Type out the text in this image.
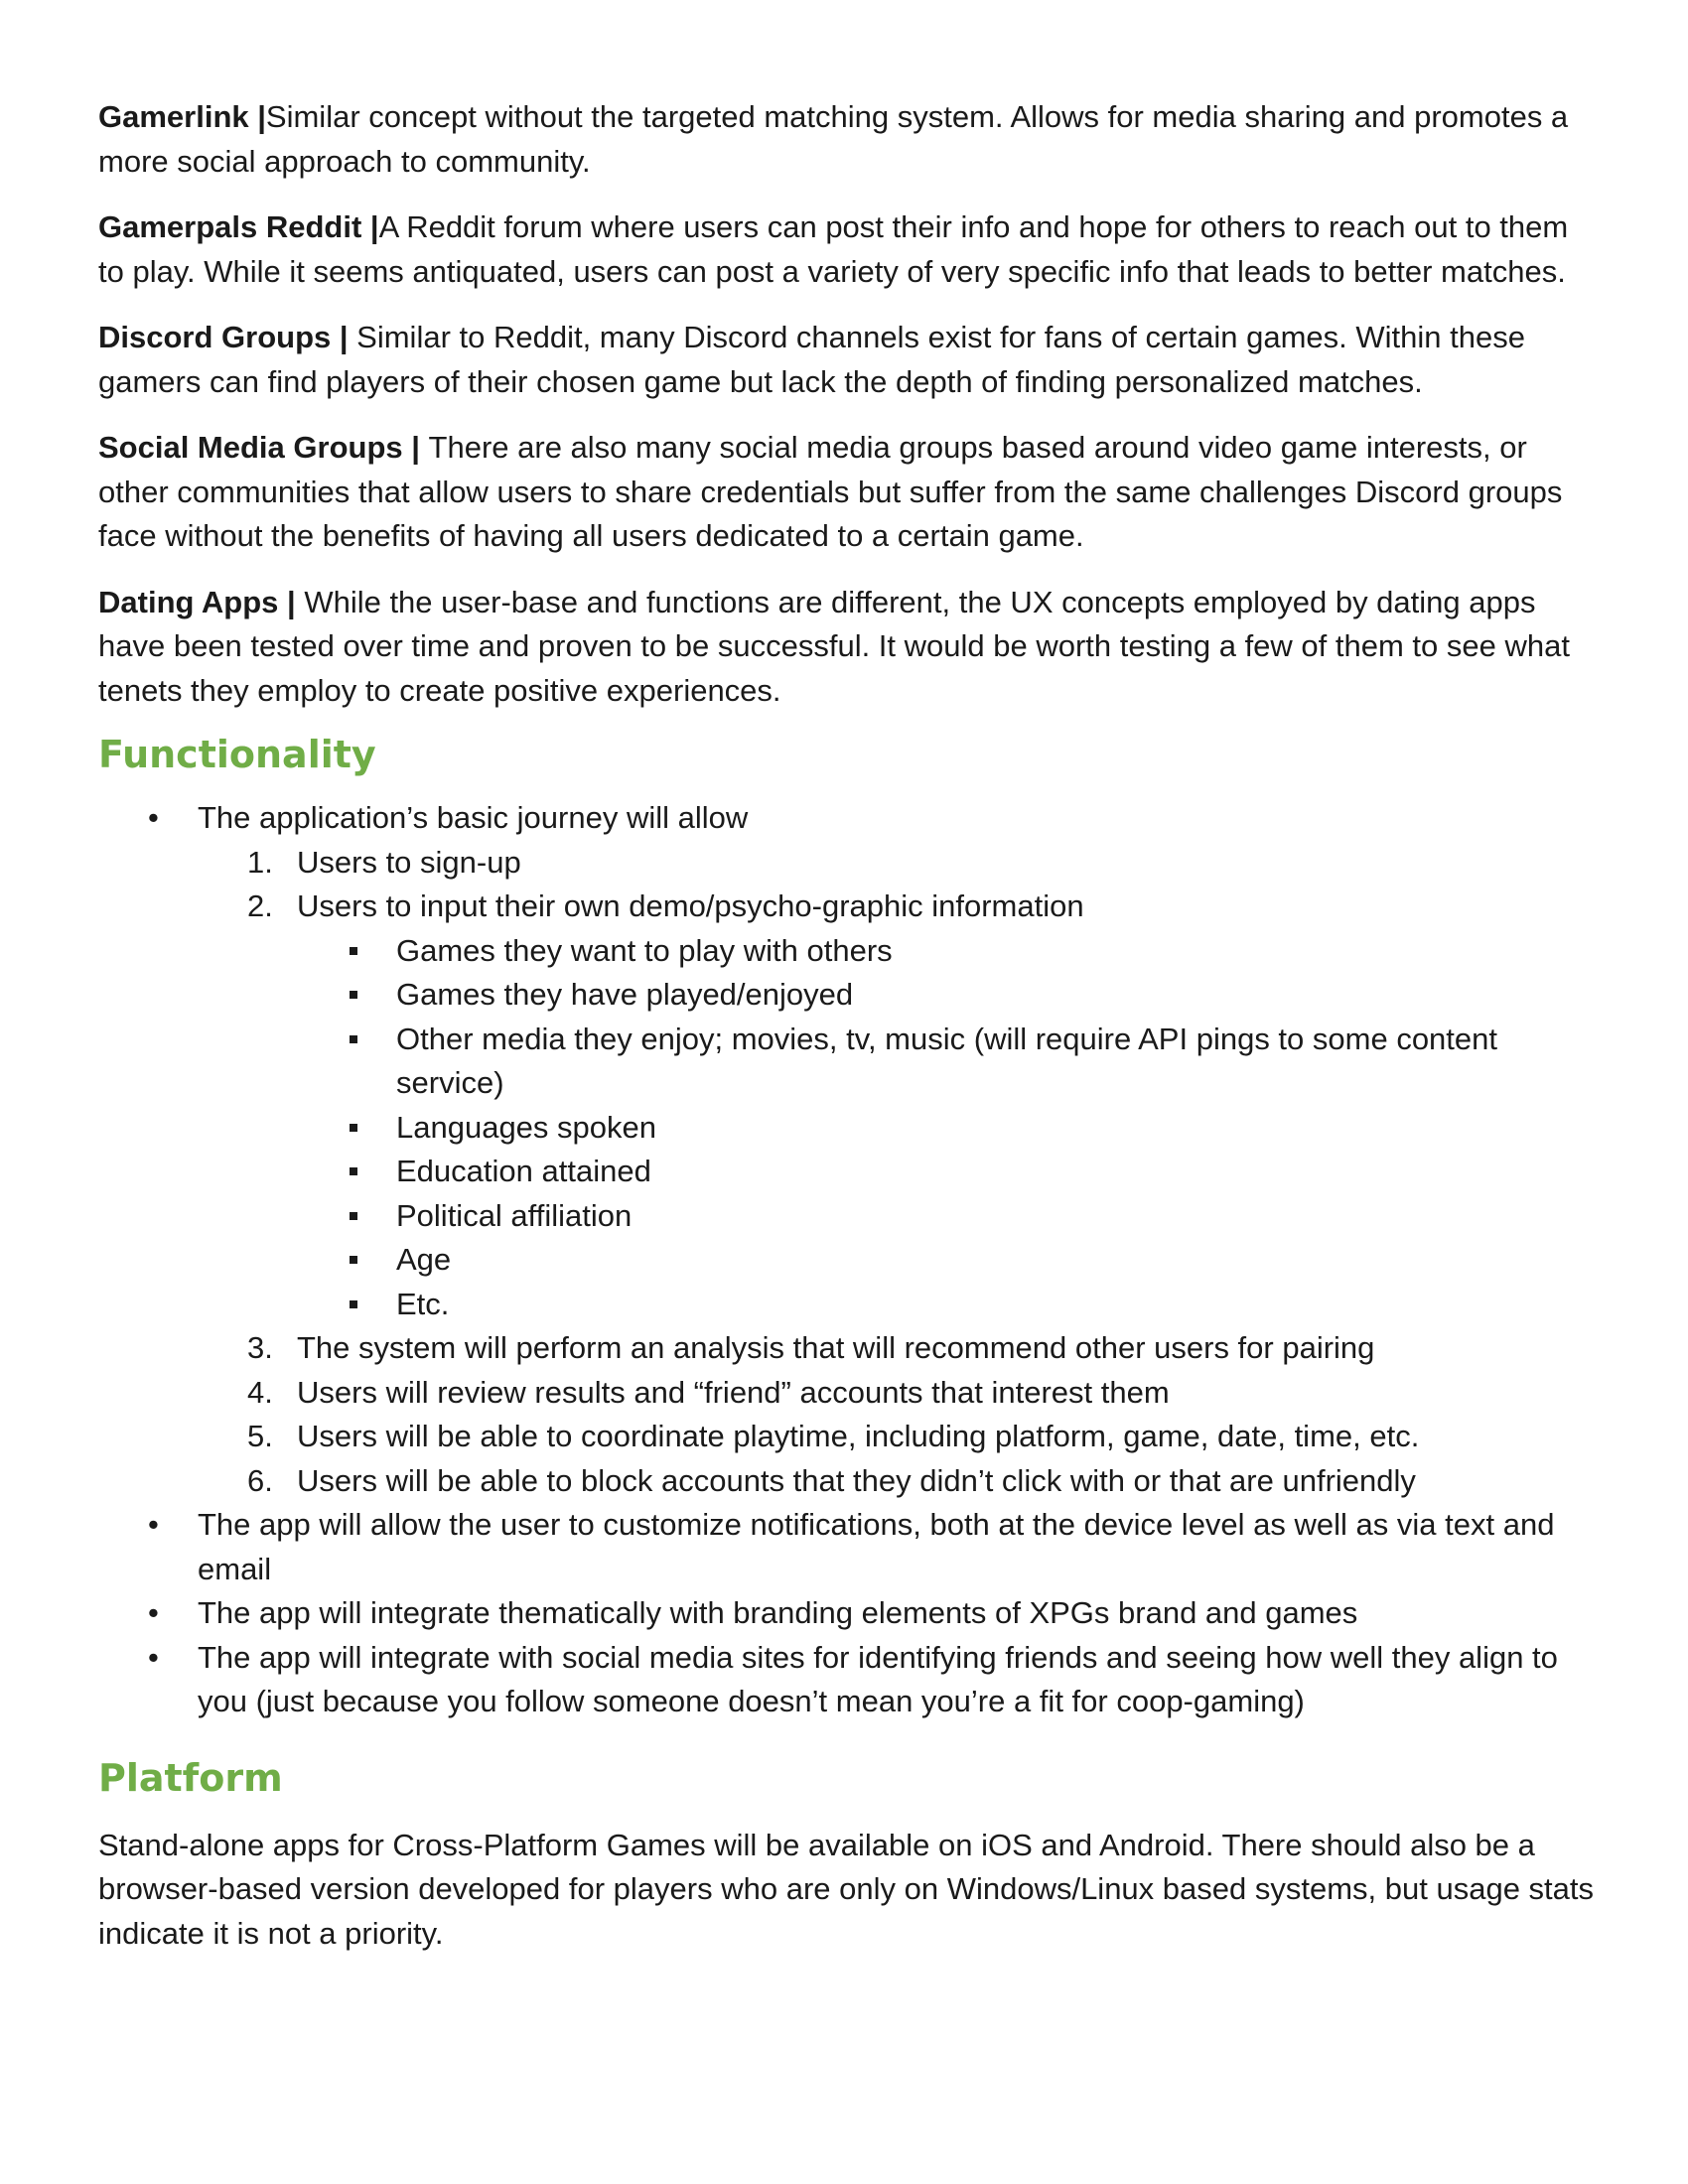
Gamerlink |Similar concept without the targeted matching system. Allows for media sharing and promotes a more social approach to community.

Gamerpals Reddit |A Reddit forum where users can post their info and hope for others to reach out to them to play. While it seems antiquated, users can post a variety of very specific info that leads to better matches.

Discord Groups | Similar to Reddit, many Discord channels exist for fans of certain games. Within these gamers can find players of their chosen game but lack the depth of finding personalized matches.

Social Media Groups | There are also many social media groups based around video game interests, or other communities that allow users to share credentials but suffer from the same challenges Discord groups face without the benefits of having all users dedicated to a certain game.

Dating Apps | While the user-base and functions are different, the UX concepts employed by dating apps have been tested over time and proven to be successful. It would be worth testing a few of them to see what tenets they employ to create positive experiences.

Functionality
• The application’s basic journey will allow
1. Users to sign-up
2. Users to input their own demo/psycho-graphic information
Games they want to play with others
Games they have played/enjoyed
Other media they enjoy; movies, tv, music (will require API pings to some content service)
Languages spoken
Education attained
Political affiliation
Age
Etc.
3. The system will perform an analysis that will recommend other users for pairing
4. Users will review results and “friend” accounts that interest them
5. Users will be able to coordinate playtime, including platform, game, date, time, etc.
6. Users will be able to block accounts that they didn’t click with or that are unfriendly
• The app will allow the user to customize notifications, both at the device level as well as via text and email
• The app will integrate thematically with branding elements of XPGs brand and games
• The app will integrate with social media sites for identifying friends and seeing how well they align to you (just because you follow someone doesn’t mean you’re a fit for coop-gaming)
Platform

Stand-alone apps for Cross-Platform Games will be available on iOS and Android. There should also be a browser-based version developed for players who are only on Windows/Linux based systems, but usage stats indicate it is not a priority.
